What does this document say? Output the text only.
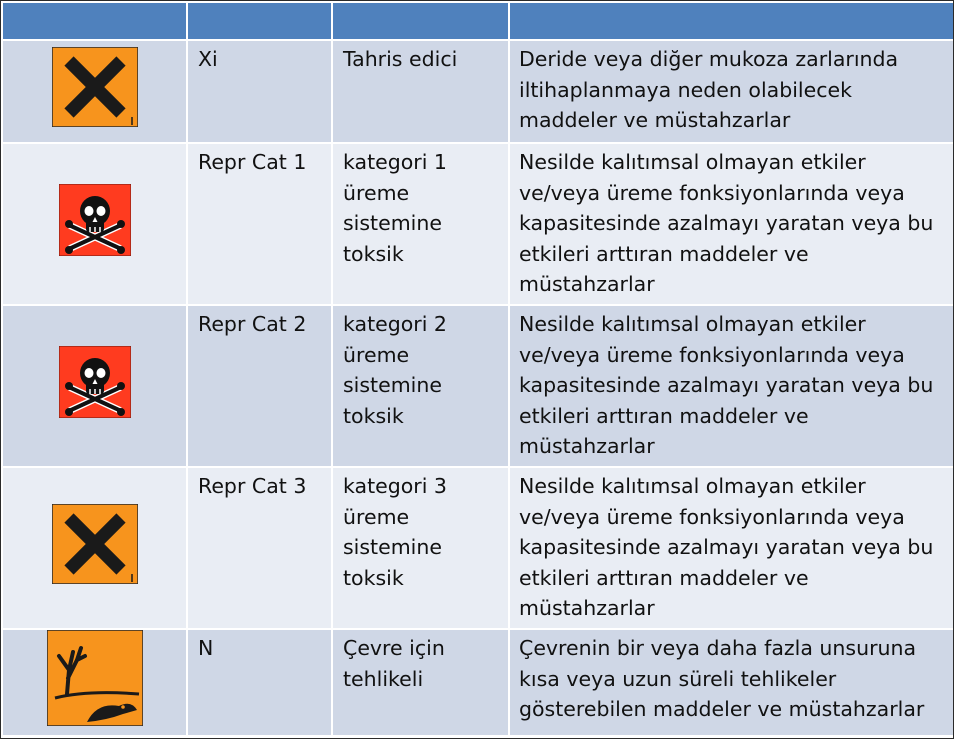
Xi	Tahris edici	Deride veya diğer mukoza zarlarında iltihaplanmaya neden olabilecek maddeler ve müstahzarlar

Repr Cat 1	kategori 1 üreme sistemine toksik	Nesilde kalıtımsal olmayan etkiler ve/veya üreme fonksiyonlarında veya kapasitesinde azalmayı yaratan veya bu etkileri arttıran maddeler ve müstahzarlar

Repr Cat 2	kategori 2 üreme sistemine toksik	Nesilde kalıtımsal olmayan etkiler ve/veya üreme fonksiyonlarında veya kapasitesinde azalmayı yaratan veya bu etkileri arttıran maddeler ve müstahzarlar

Repr Cat 3	kategori 3 üreme sistemine toksik	Nesilde kalıtımsal olmayan etkiler ve/veya üreme fonksiyonlarında veya kapasitesinde azalmayı yaratan veya bu etkileri arttıran maddeler ve müstahzarlar

N	Çevre için tehlikeli	Çevrenin bir veya daha fazla unsuruna kısa veya uzun süreli tehlikeler gösterebilen maddeler ve müstahzarlar
